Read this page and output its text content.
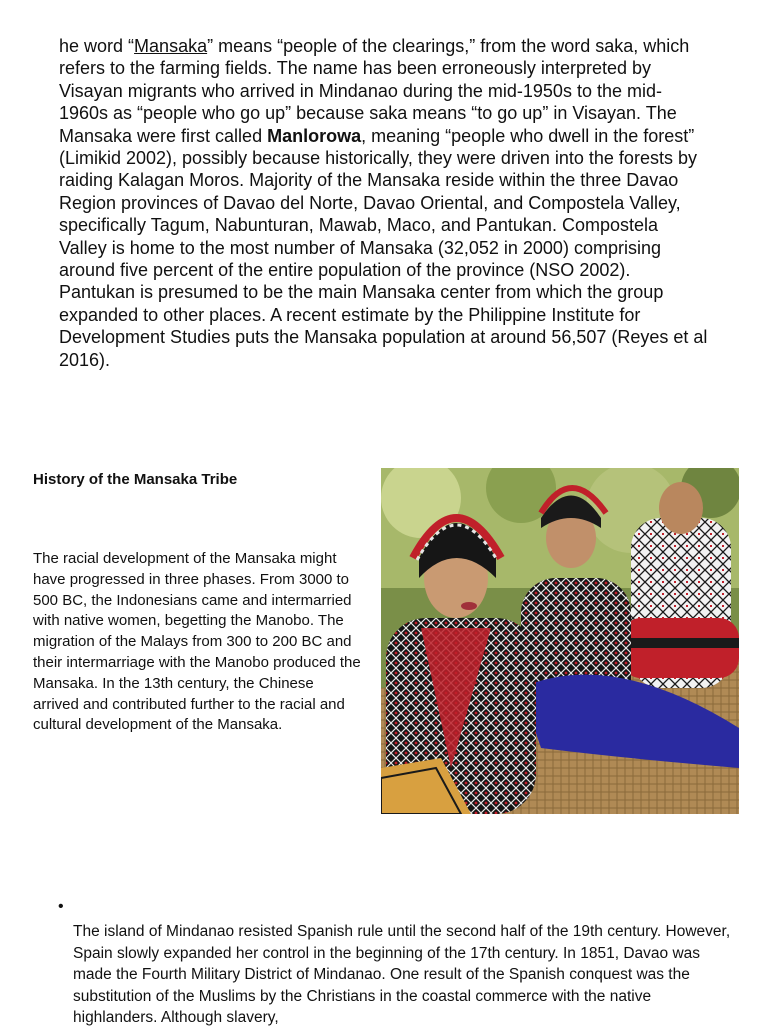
he word “Mansaka” means “people of the clearings,” from the word saka, which refers to the farming fields. The name has been erroneously interpreted by Visayan migrants who arrived in Mindanao during the mid-1950s to the mid-1960s as “people who go up” because saka means “to go up” in Visayan. The Mansaka were first called Manlorowa, meaning “people who dwell in the forest” (Limikid 2002), possibly because historically, they were driven into the forests by raiding Kalagan Moros. Majority of the Mansaka reside within the three Davao Region provinces of Davao del Norte, Davao Oriental, and Compostela Valley, specifically Tagum, Nabunturan, Mawab, Maco, and Pantukan. Compostela Valley is home to the most number of Mansaka (32,052 in 2000) comprising around five percent of the entire population of the province (NSO 2002). Pantukan is presumed to be the main Mansaka center from which the group expanded to other places. A recent estimate by the Philippine Institute for Development Studies puts the Mansaka population at around 56,507 (Reyes et al 2016).
History of the Mansaka Tribe

The racial development of the Mansaka might have progressed in three phases. From 3000 to 500 BC, the Indonesians came and intermarried with native women, begetting the Manobo. The migration of the Malays from 300 to 200 BC and their intermarriage with the Manobo produced the Mansaka. In the 13th century, the Chinese arrived and contributed further to the racial and cultural development of the Mansaka.

•

The island of Mindanao resisted Spanish rule until the second half of the 19th century. However, Spain slowly expanded her control in the beginning of the 17th century. In 1851, Davao was made the Fourth Military District of Mindanao. One result of the Spanish conquest was the substitution of the Muslims by the Christians in the coastal commerce with the native highlanders. Although slavery,
